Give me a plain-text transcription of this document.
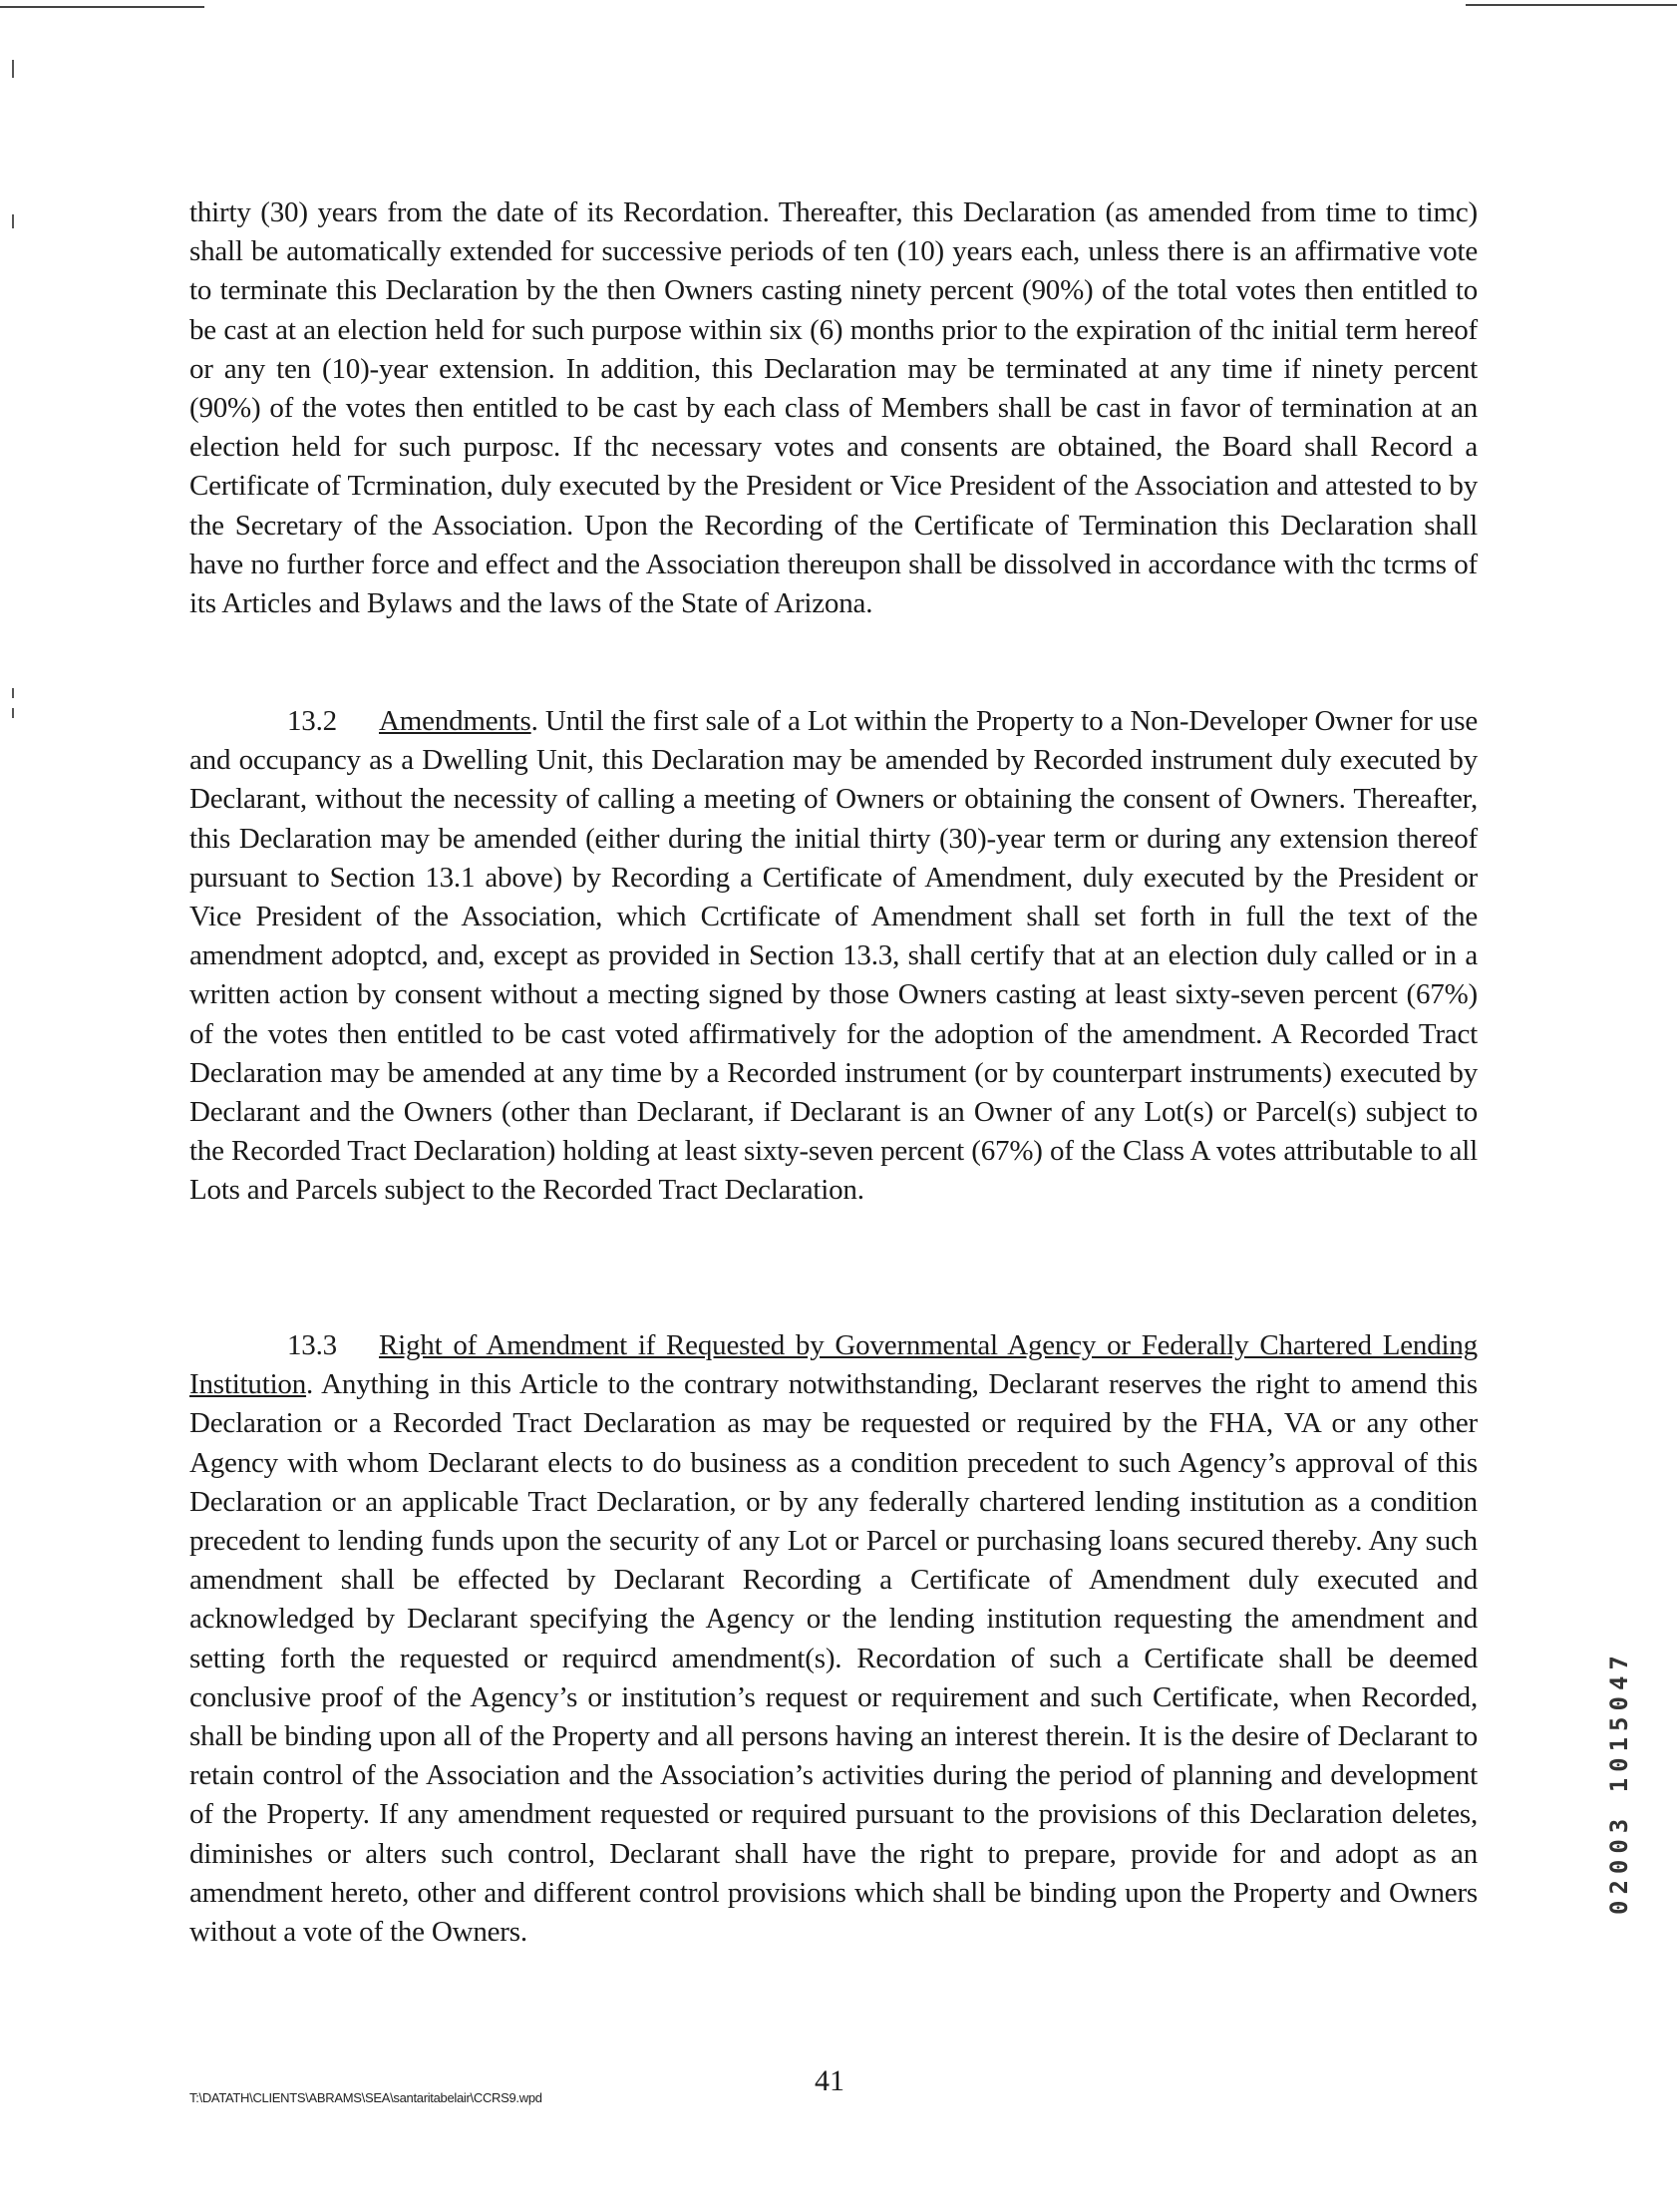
thirty (30) years from the date of its Recordation. Thereafter, this Declaration (as amended from time to timc) shall be automatically extended for successive periods of ten (10) years each, unless there is an affirmative vote to terminate this Declaration by the then Owners casting ninety percent (90%) of the total votes then entitled to be cast at an election held for such purpose within six (6) months prior to the expiration of thc initial term hereof or any ten (10)-year extension. In addition, this Declaration may be terminated at any time if ninety percent (90%) of the votes then entitled to be cast by each class of Members shall be cast in favor of termination at an election held for such purposc. If thc necessary votes and consents are obtained, the Board shall Record a Certificate of Tcrmination, duly executed by the President or Vice President of the Association and attested to by the Secretary of the Association. Upon the Recording of the Certificate of Termination this Declaration shall have no further force and effect and the Association thereupon shall be dissolved in accordance with thc tcrms of its Articles and Bylaws and the laws of the State of Arizona.
13.2 Amendments. Until the first sale of a Lot within the Property to a Non-Developer Owner for use and occupancy as a Dwelling Unit, this Declaration may be amended by Recorded instrument duly executed by Declarant, without the necessity of calling a meeting of Owners or obtaining the consent of Owners. Thereafter, this Declaration may be amended (either during the initial thirty (30)-year term or during any extension thereof pursuant to Section 13.1 above) by Recording a Certificate of Amendment, duly executed by the President or Vice President of the Association, which Ccrtificate of Amendment shall set forth in full the text of the amendment adoptcd, and, except as provided in Section 13.3, shall certify that at an election duly called or in a written action by consent without a mecting signed by those Owners casting at least sixty-seven percent (67%) of the votes then entitled to be cast voted affirmatively for the adoption of the amendment. A Recorded Tract Declaration may be amended at any time by a Recorded instrument (or by counterpart instruments) executed by Declarant and the Owners (other than Declarant, if Declarant is an Owner of any Lot(s) or Parcel(s) subject to the Recorded Tract Declaration) holding at least sixty-seven percent (67%) of the Class A votes attributable to all Lots and Parcels subject to the Recorded Tract Declaration.
13.3 Right of Amendment if Requested by Governmental Agency or Federally Chartered Lending Institution. Anything in this Article to the contrary notwithstanding, Declarant reserves the right to amend this Declaration or a Recorded Tract Declaration as may be requested or required by the FHA, VA or any other Agency with whom Declarant elects to do business as a condition precedent to such Agency’s approval of this Declaration or an applicable Tract Declaration, or by any federally chartered lending institution as a condition precedent to lending funds upon the security of any Lot or Parcel or purchasing loans secured thereby. Any such amendment shall be effected by Declarant Recording a Certificate of Amendment duly executed and acknowledged by Declarant specifying the Agency or the lending institution requesting the amendment and setting forth the requested or requircd amendment(s). Recordation of such a Certificate shall be deemed conclusive proof of the Agency’s or institution’s request or requirement and such Certificate, when Recorded, shall be binding upon all of the Property and all persons having an interest therein. It is the desire of Declarant to retain control of the Association and the Association’s activities during the period of planning and development of the Property. If any amendment requested or required pursuant to the provisions of this Declaration deletes, diminishes or alters such control, Declarant shall have the right to prepare, provide for and adopt as an amendment hereto, other and different control provisions which shall be binding upon the Property and Owners without a vote of the Owners.
02003 1015047
T:\DATATH\CLIENTS\ABRAMS\SEA\santaritabelair\CCRS9.wpd
41
